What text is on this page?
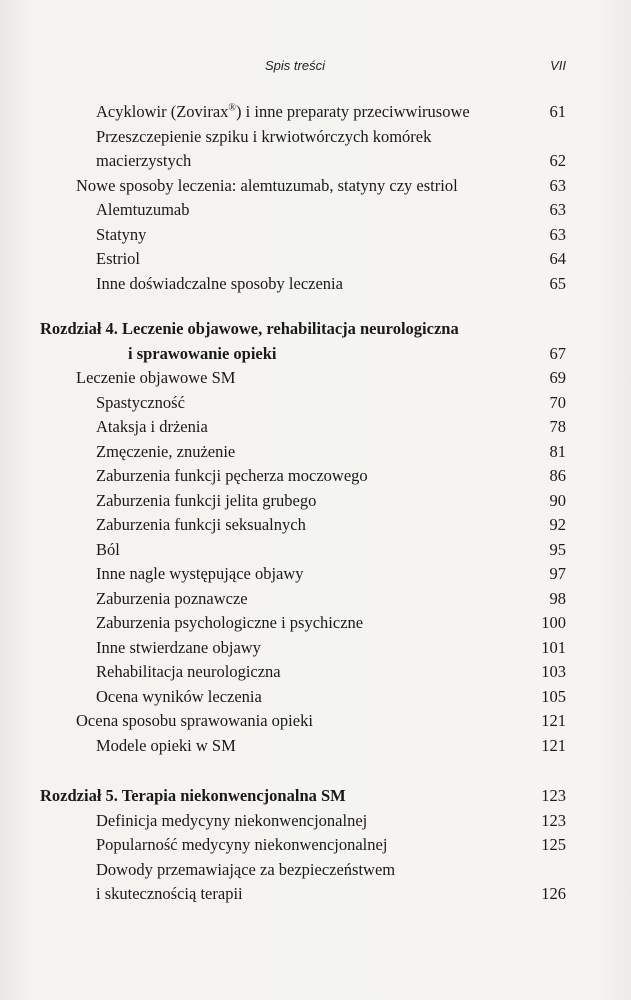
Spis treści	VII
Acyklowir (Zovirax®) i inne preparaty przeciwwirusowe	61
Przeszczepienie szpiku i krwiotwórczych komórek
macierzystych	62
Nowe sposoby leczenia: alemtuzumab, statyny czy estriol	63
Alemtuzumab	63
Statyny	63
Estriol	64
Inne doświadczalne sposoby leczenia	65
Rozdział 4. Leczenie objawowe, rehabilitacja neurologiczna
i sprawowanie opieki	67
Leczenie objawowe SM	69
Spastyczność	70
Ataksja i drżenia	78
Zmęczenie, znużenie	81
Zaburzenia funkcji pęcherza moczowego	86
Zaburzenia funkcji jelita grubego	90
Zaburzenia funkcji seksualnych	92
Ból	95
Inne nagle występujące objawy	97
Zaburzenia poznawcze	98
Zaburzenia psychologiczne i psychiczne	100
Inne stwierdzane objawy	101
Rehabilitacja neurologiczna	103
Ocena wyników leczenia	105
Ocena sposobu sprawowania opieki	121
Modele opieki w SM	121
Rozdział 5. Terapia niekonwencjonalna SM	123
Definicja medycyny niekonwencjonalnej	123
Popularność medycyny niekonwencjonalnej	125
Dowody przemawiające za bezpieczeństwem
i skutecznością terapii	126
